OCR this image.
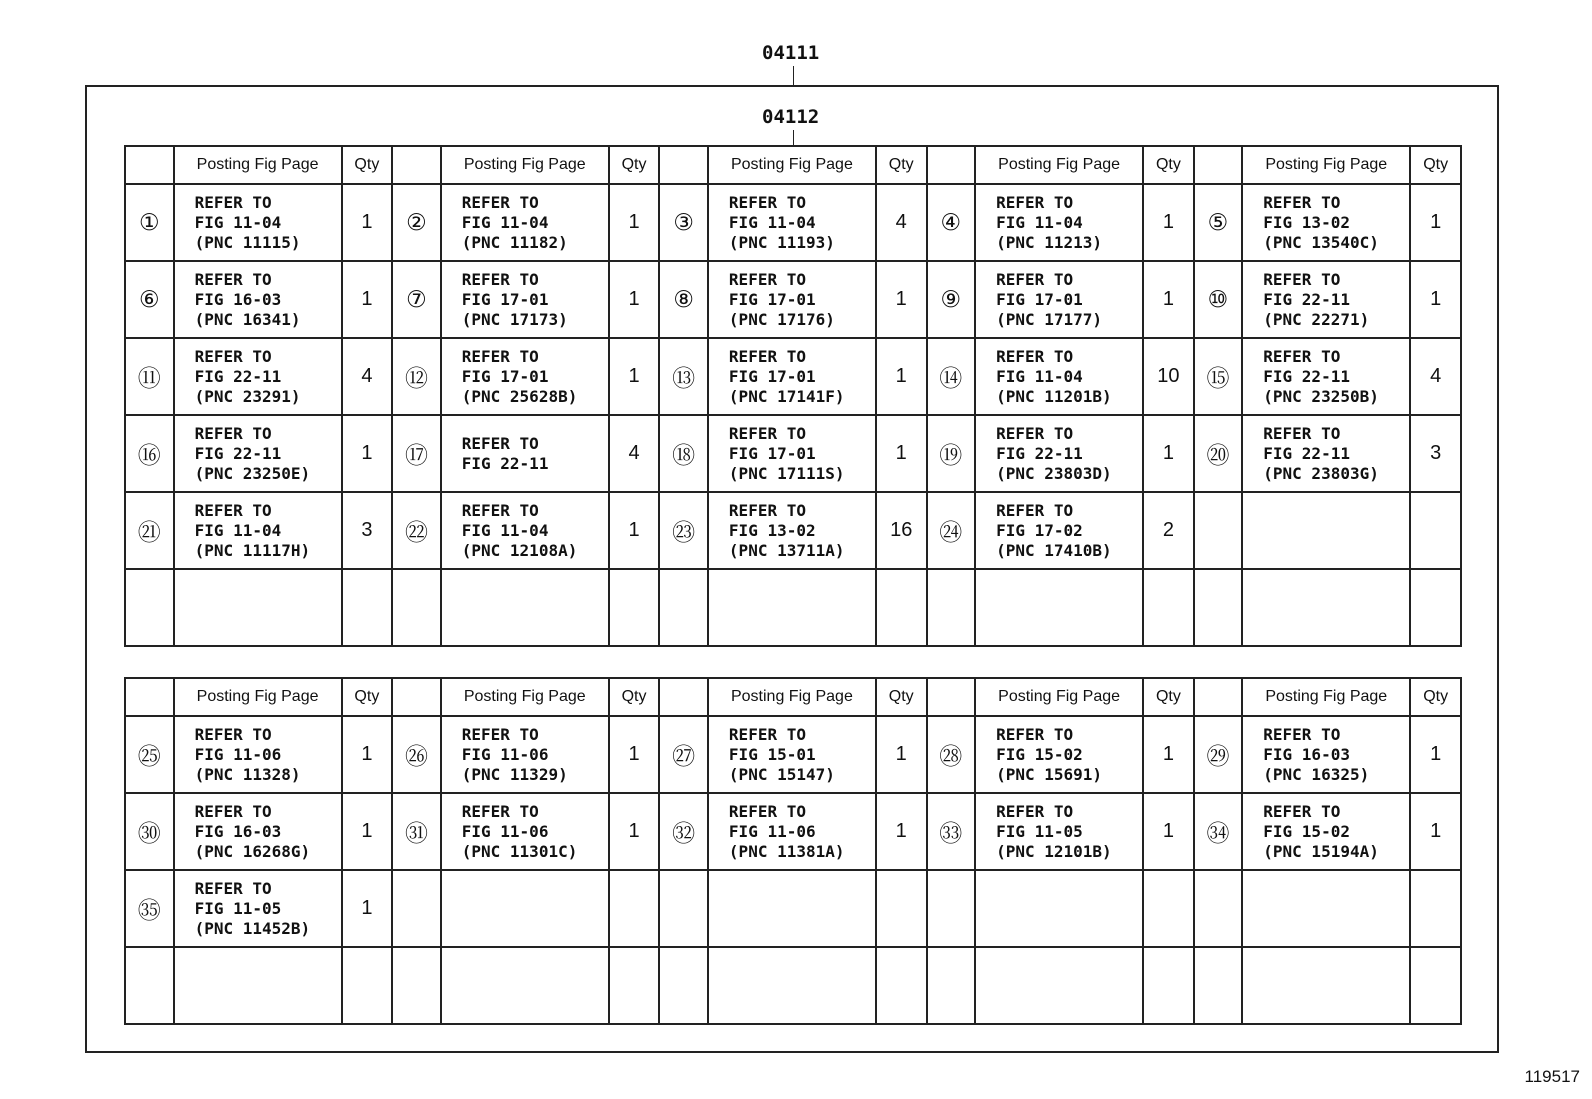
04111
04112
	Posting Fig Page	Qty		Posting Fig Page	Qty		Posting Fig Page	Qty		Posting Fig Page	Qty		Posting Fig Page	Qty
①	REFER TO
FIG 11-04
(PNC 11115)	1	②	REFER TO
FIG 11-04
(PNC 11182)	1	③	REFER TO
FIG 11-04
(PNC 11193)	4	④	REFER TO
FIG 11-04
(PNC 11213)	1	⑤	REFER TO
FIG 13-02
(PNC 13540C)	1
⑥	REFER TO
FIG 16-03
(PNC 16341)	1	⑦	REFER TO
FIG 17-01
(PNC 17173)	1	⑧	REFER TO
FIG 17-01
(PNC 17176)	1	⑨	REFER TO
FIG 17-01
(PNC 17177)	1	⑩	REFER TO
FIG 22-11
(PNC 22271)	1
⑪	REFER TO
FIG 22-11
(PNC 23291)	4	⑫	REFER TO
FIG 17-01
(PNC 25628B)	1	⑬	REFER TO
FIG 17-01
(PNC 17141F)	1	⑭	REFER TO
FIG 11-04
(PNC 11201B)	10	⑮	REFER TO
FIG 22-11
(PNC 23250B)	4
⑯	REFER TO
FIG 22-11
(PNC 23250E)	1	⑰	REFER TO
FIG 22-11	4	⑱	REFER TO
FIG 17-01
(PNC 17111S)	1	⑲	REFER TO
FIG 22-11
(PNC 23803D)	1	⑳	REFER TO
FIG 22-11
(PNC 23803G)	3
㉑	REFER TO
FIG 11-04
(PNC 11117H)	3	㉒	REFER TO
FIG 11-04
(PNC 12108A)	1	㉓	REFER TO
FIG 13-02
(PNC 13711A)	16	㉔	REFER TO
FIG 17-02
(PNC 17410B)	2			

	Posting Fig Page	Qty		Posting Fig Page	Qty		Posting Fig Page	Qty		Posting Fig Page	Qty		Posting Fig Page	Qty
㉕	REFER TO
FIG 11-06
(PNC 11328)	1	㉖	REFER TO
FIG 11-06
(PNC 11329)	1	㉗	REFER TO
FIG 15-01
(PNC 15147)	1	㉘	REFER TO
FIG 15-02
(PNC 15691)	1	㉙	REFER TO
FIG 16-03
(PNC 16325)	1
㉚	REFER TO
FIG 16-03
(PNC 16268G)	1	㉛	REFER TO
FIG 11-06
(PNC 11301C)	1	㉜	REFER TO
FIG 11-06
(PNC 11381A)	1	㉝	REFER TO
FIG 11-05
(PNC 12101B)	1	㉞	REFER TO
FIG 15-02
(PNC 15194A)	1
㉟	REFER TO
FIG 11-05
(PNC 11452B)	1												

119517
